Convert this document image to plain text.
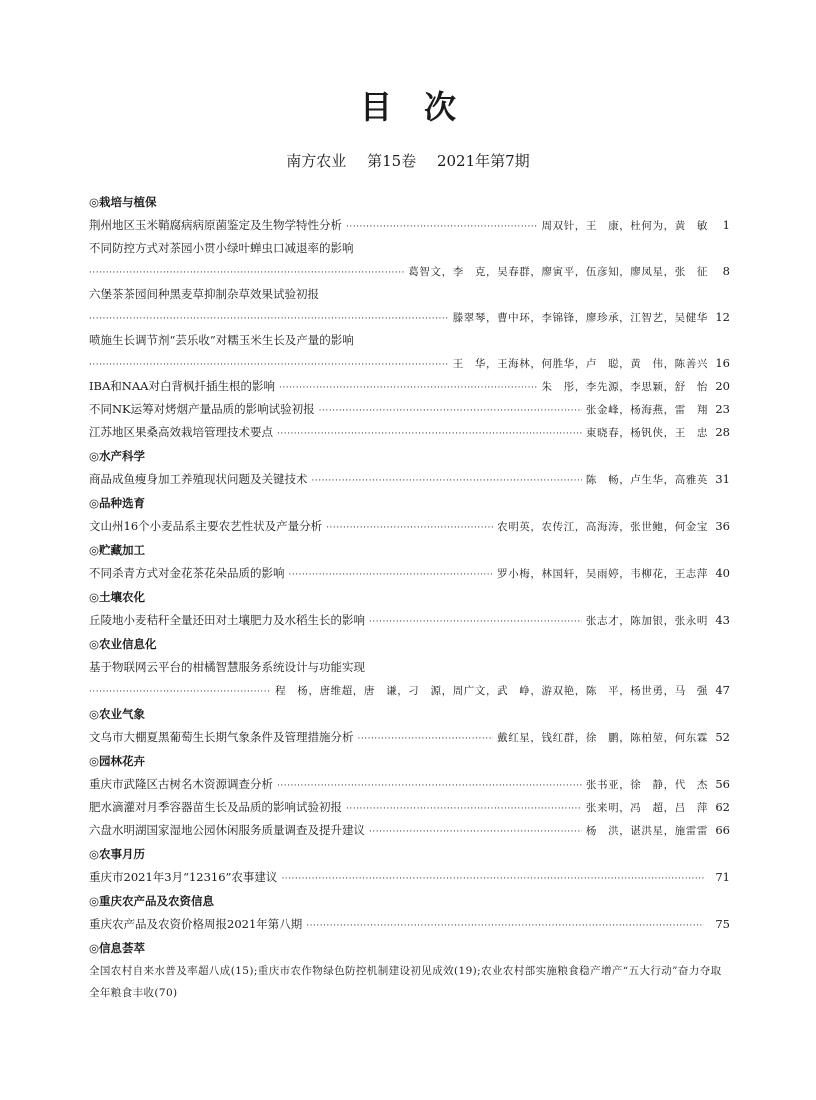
目　次
南方农业 第15卷 2021年第7期
◎栽培与植保
荆州地区玉米鞘腐病病原菌鉴定及生物学特性分析 ·····	周双针，王　康，杜何为，黄　敏	1
不同防控方式对茶园小贯小绿叶蝉虫口减退率的影响
·····
葛智文，李　克，吴春群，廖寅平，伍彦知，廖凤星，张　征	8
六堡茶茶园间种黑麦草抑制杂草效果试验初报
·····
滕翠琴，曹中环，李锦锋，廖珍承，江智艺，吴健华 12
喷施生长调节剂“芸乐收”对糯玉米生长及产量的影响
·····
王　华，王海林，何胜华，卢　聪，黄　伟，陈善兴 16
IBA和NAA对白背枫扦插生根的影响 ·····	朱　彤，李先源，李思颖，舒　怡 20
不同NK运筹对烤烟产量品质的影响试验初报 ·····	张金峰，杨海燕，雷　翔 23
江苏地区果桑高效栽培管理技术要点 ·····	東晓春，杨钒侠，王　忠 28
◎水产科学
商品成鱼瘦身加工养殖现状问题及关键技术 ·····	陈　畅，卢生华，高雅英 31
◎品种选育
文山州16个小麦品系主要农艺性状及产量分析 ·····	农明英，农传江，高海涛，张世鲍，何金宝 36
◎贮藏加工
不同杀青方式对金花茶花朵品质的影响 ·····	罗小梅，林国轩，吴雨婷，韦柳花，王志萍 40
◎土壤农化
丘陵地小麦秸秆全量还田对土壤肥力及水稻生长的影响 ·····	张志才，陈加银，张永明 43
◎农业信息化
基于物联网云平台的柑橘智慧服务系统设计与功能实现
·····
程　杨，唐维超，唐　谦，刁　源，周广文，武　峥，游双艳，陈　平，杨世勇，马　强 47
◎农业气象
文乌市大棚夏黑葡萄生长期气象条件及管理措施分析 ·····	戴红星，钱红群，徐　鹏，陈柏堃，何东霖 52
◎园林花卉
重庆市武隆区古树名木资源调查分析 ·····	张书亚，徐　静，代　杰 56
肥水滴灌对月季容器苗生长及品质的影响试验初报 ·····	张来明，冯　超，吕　萍 62
六盘水明湖国家湿地公园休闲服务质量调查及提升建议 ·····	杨　洪，谌洪星，施雷雷 66
◎农事月历
重庆市2021年3月“12316”农事建议 ·····	71
◎重庆农产品及农资信息
重庆农产品及农资价格周报2021年第八期 ·····	75
◎信息荟萃
全国农村自来水普及率超八成(15);重庆市农作物绿色防控机制建设初见成效(19);农业农村部实施粮食稳产增产“五大行动”奋力夺取全年粮食丰收(70)
